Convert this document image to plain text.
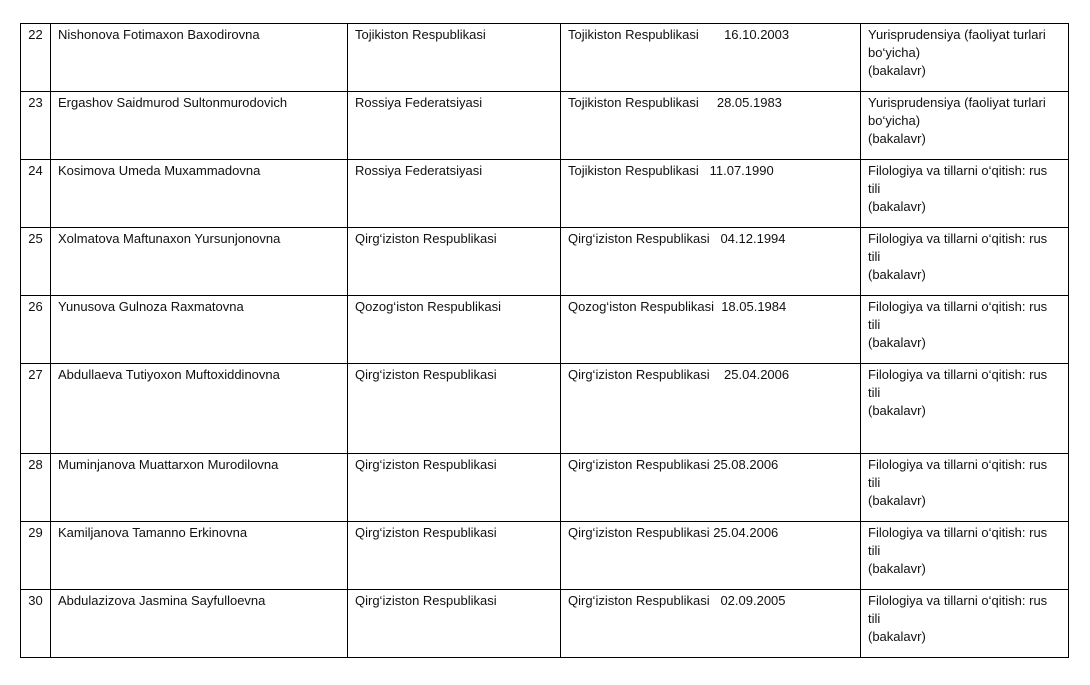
22	Nishonova Fotimaxon Baxodirovna	Tojikiston Respublikasi	Tojikiston Respublikasi       16.10.2003	Yurisprudensiya (faoliyat turlari
bo‘yicha)
(bakalavr)
23	Ergashov Saidmurod Sultonmurodovich	Rossiya Federatsiyasi	Tojikiston Respublikasi     28.05.1983	Yurisprudensiya (faoliyat turlari
bo‘yicha)
(bakalavr)
24	Kosimova Umeda Muxammadovna	Rossiya Federatsiyasi	Tojikiston Respublikasi   11.07.1990	Filologiya va tillarni o‘qitish: rus
tili
(bakalavr)
25	Xolmatova Maftunaxon Yursunjonovna	Qirg‘iziston Respublikasi	Qirg‘iziston Respublikasi   04.12.1994	Filologiya va tillarni o‘qitish: rus
tili
(bakalavr)
26	Yunusova Gulnoza Raxmatovna	Qozog‘iston Respublikasi	Qozog‘iston Respublikasi  18.05.1984	Filologiya va tillarni o‘qitish: rus
tili
(bakalavr)
27	Abdullaeva Tutiyoxon Muftoxiddinovna	Qirg‘iziston Respublikasi	Qirg‘iziston Respublikasi    25.04.2006	Filologiya va tillarni o‘qitish: rus
tili
(bakalavr)
28	Muminjanova Muattarxon Murodilovna	Qirg‘iziston Respublikasi	Qirg‘iziston Respublikasi 25.08.2006	Filologiya va tillarni o‘qitish: rus
tili
(bakalavr)
29	Kamiljanova Tamanno Erkinovna	Qirg‘iziston Respublikasi	Qirg‘iziston Respublikasi 25.04.2006	Filologiya va tillarni o‘qitish: rus
tili
(bakalavr)
30	Abdulazizova Jasmina Sayfulloevna	Qirg‘iziston Respublikasi	Qirg‘iziston Respublikasi   02.09.2005	Filologiya va tillarni o‘qitish: rus
tili
(bakalavr)
